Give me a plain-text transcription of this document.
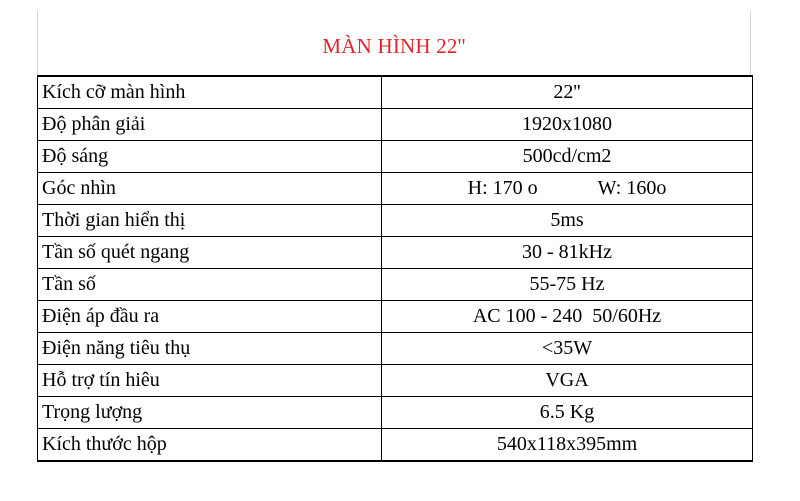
MÀN HÌNH 22''
Kích cỡ màn hình	22''
Độ phân giải	1920x1080
Độ sáng	500cd/cm2
Góc nhìn	H: 170 o W: 160o

Thời gian hiển thị	5ms
Tần số quét ngang	30 - 81kHz
Tần số	55-75 Hz
Điện áp đầu ra	AC 100 - 240  50/60Hz
Điện năng tiêu thụ	<35W
Hỗ trợ tín hiêu	VGA
Trọng lượng	6.5 Kg
Kích thước hộp	540x118x395mm
